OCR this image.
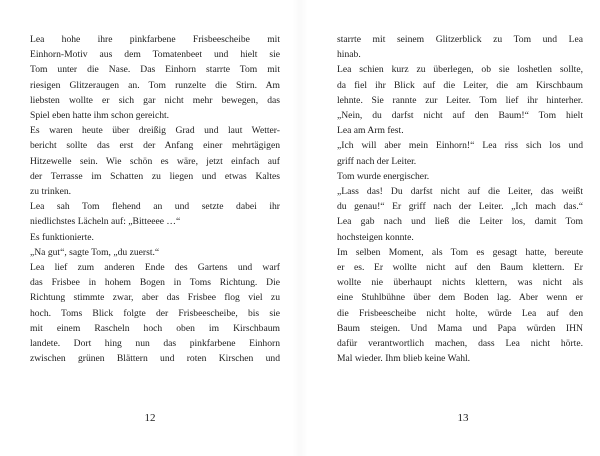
Lea hohe ihre pinkfarbene Frisbeescheibe mit
Einhorn-Motiv aus dem Tomatenbeet und hielt sie
Tom unter die Nase. Das Einhorn starrte Tom mit
riesigen Glitzeraugen an. Tom runzelte die Stirn. Am
liebsten wollte er sich gar nicht mehr bewegen, das
Spiel eben hatte ihm schon gereicht.
Es waren heute über dreißig Grad und laut Wetter-
bericht sollte das erst der Anfang einer mehrtägigen
Hitzewelle sein. Wie schön es wäre, jetzt einfach auf
der Terrasse im Schatten zu liegen und etwas Kaltes
zu trinken.
Lea sah Tom flehend an und setzte dabei ihr
niedlichstes Lächeln auf: „Bitteeee …“
Es funktionierte.
„Na gut“, sagte Tom, „du zuerst.“
Lea lief zum anderen Ende des Gartens und warf
das Frisbee in hohem Bogen in Toms Richtung. Die
Richtung stimmte zwar, aber das Frisbee flog viel zu
hoch. Toms Blick folgte der Frisbeescheibe, bis sie
mit einem Rascheln hoch oben im Kirschbaum
landete. Dort hing nun das pinkfarbene Einhorn
zwischen grünen Blättern und roten Kirschen und
starrte mit seinem Glitzerblick zu Tom und Lea
hinab.
Lea schien kurz zu überlegen, ob sie loshetlen sollte,
da fiel ihr Blick auf die Leiter, die am Kirschbaum
lehnte. Sie rannte zur Leiter. Tom lief ihr hinterher.
„Nein, du darfst nicht auf den Baum!“ Tom hielt
Lea am Arm fest.
„Ich will aber mein Einhorn!“ Lea riss sich los und
griff nach der Leiter.
Tom wurde energischer.
„Lass das! Du darfst nicht auf die Leiter, das weißt
du genau!“ Er griff nach der Leiter. „Ich mach das.“
Lea gab nach und ließ die Leiter los, damit Tom
hochsteigen konnte.
Im selben Moment, als Tom es gesagt hatte, bereute
er es. Er wollte nicht auf den Baum klettern. Er
wollte nie überhaupt nichts klettern, was nicht als
eine Stuhlbühne über dem Boden lag. Aber wenn er
die Frisbeescheibe nicht holte, würde Lea auf den
Baum steigen. Und Mama und Papa würden IHN
dafür verantwortlich machen, dass Lea nicht hörte.
Mal wieder. Ihm blieb keine Wahl.
12	13
